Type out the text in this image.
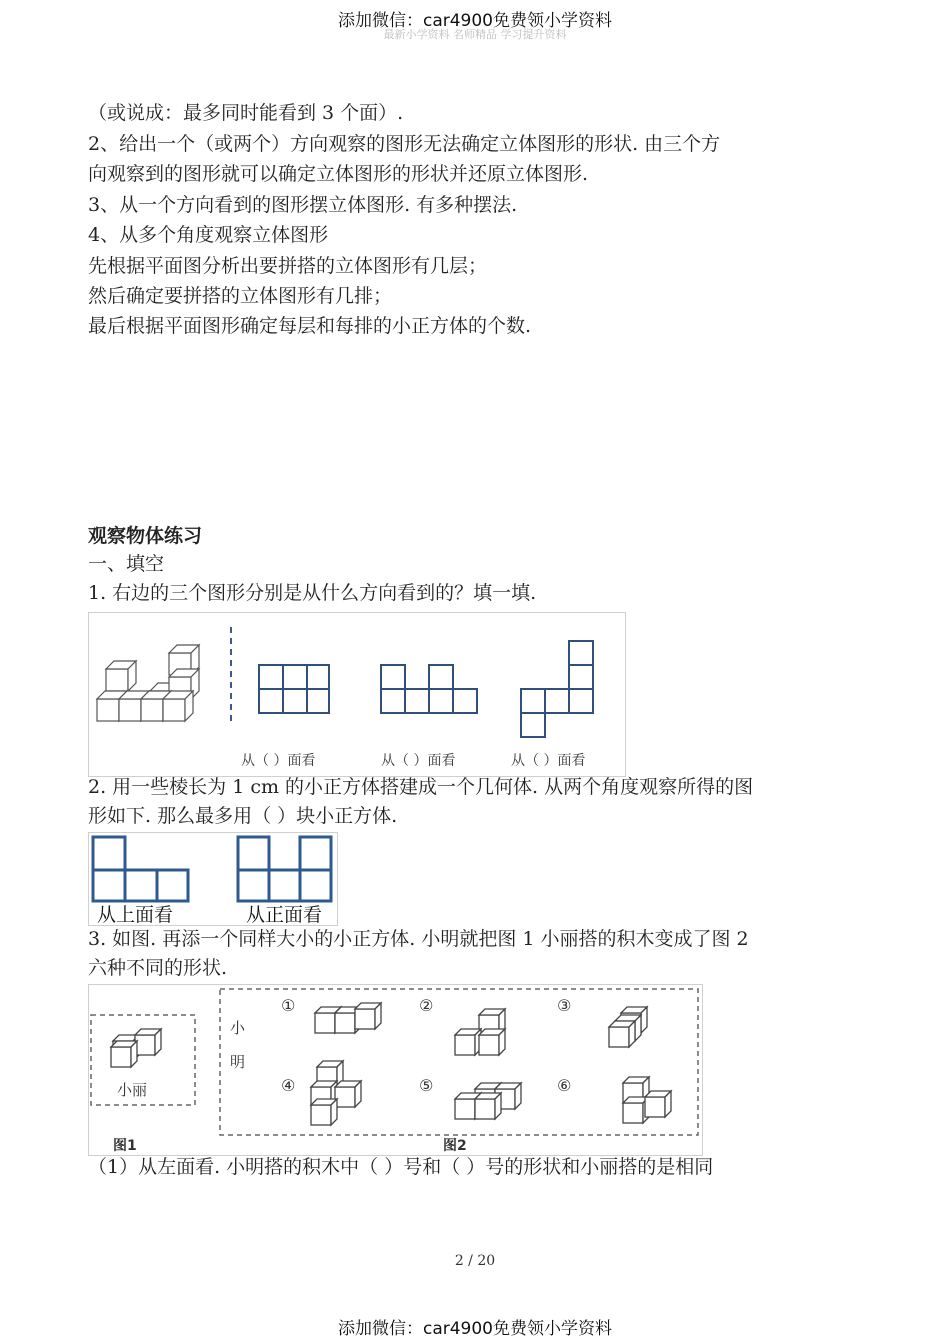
添加微信：car4900免费领小学资料
最新小学资料 名师精品 学习提升资料
（或说成：最多同时能看到 3 个面）.
2、给出一个（或两个）方向观察的图形无法确定立体图形的形状. 由三个方
向观察到的图形就可以确定立体图形的形状并还原立体图形.
3、从一个方向看到的图形摆立体图形. 有多种摆法.
4、从多个角度观察立体图形
先根据平面图分析出要拼搭的立体图形有几层；
然后确定要拼搭的立体图形有几排；
最后根据平面图形确定每层和每排的小正方体的个数.
观察物体练习
一、填空
1. 右边的三个图形分别是从什么方向看到的？填一填.
从（ ）面看	从（ ）面看	从（ ）面看
2. 用一些棱长为 1 cm 的小正方体搭建成一个几何体. 从两个角度观察所得的图
形如下. 那么最多用（ ）块小正方体.
从上面看	从正面看
3. 如图. 再添一个同样大小的小正方体. 小明就把图 1 小丽搭的积木变成了图 2
六种不同的形状.
小丽
图1
小
明
①	②	③
④	⑤	⑥
图2
（1）从左面看. 小明搭的积木中（ ）号和（ ）号的形状和小丽搭的是相同
2 / 20
添加微信：car4900免费领小学资料
